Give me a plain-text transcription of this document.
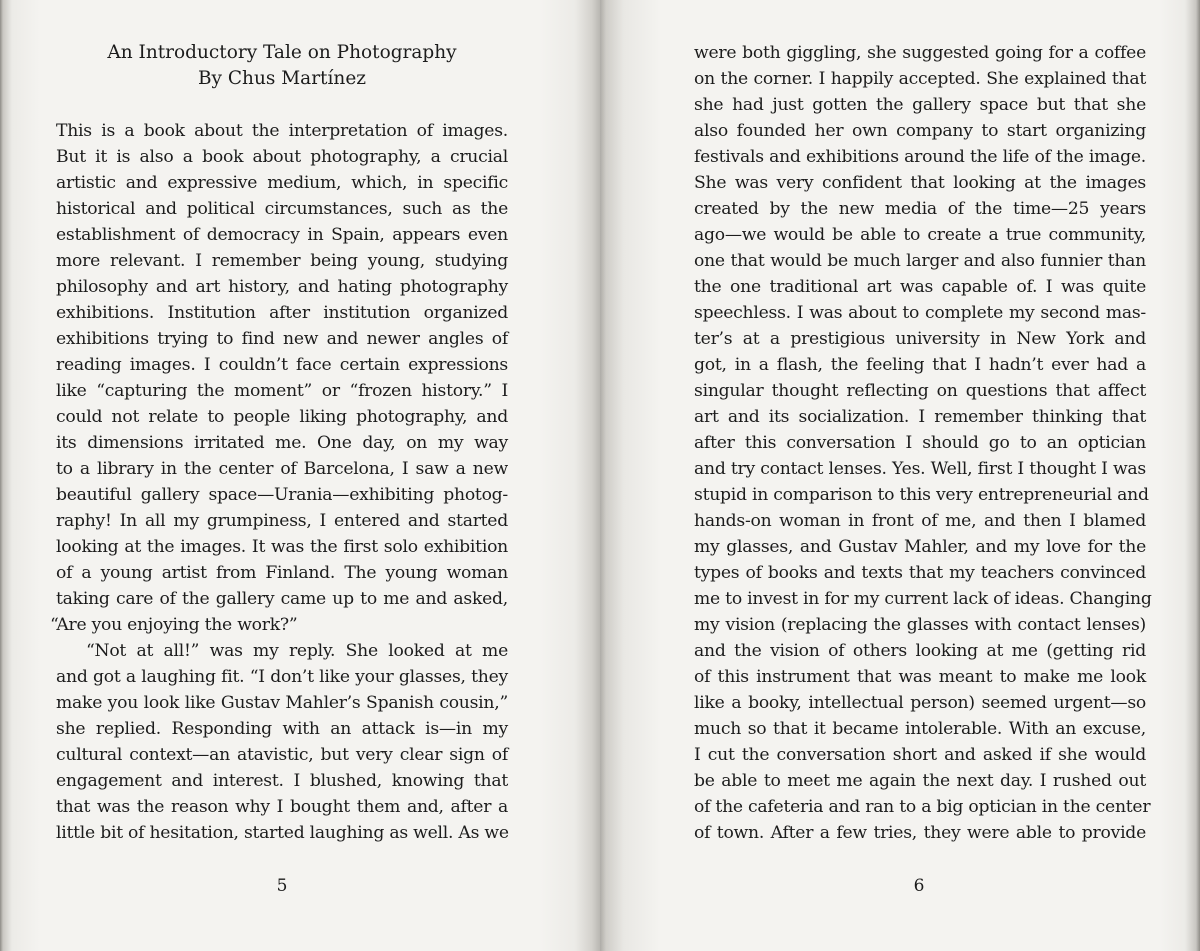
An Introductory Tale on Photography
By Chus Martínez
This is a book about the interpretation of images.
But it is also a book about photography, a crucial
artistic and expressive medium, which, in specific
historical and political circumstances, such as the
establishment of democracy in Spain, appears even
more relevant. I remember being young, studying
philosophy and art history, and hating photography
exhibitions. Institution after institution organized
exhibitions trying to find new and newer angles of
reading images. I couldn’t face certain expressions
like “capturing the moment” or “frozen history.” I
could not relate to people liking photography, and
its dimensions irritated me. One day, on my way
to a library in the center of Barcelona, I saw a new
beautiful gallery space—Urania—exhibiting photog-
raphy! In all my grumpiness, I entered and started
looking at the images. It was the first solo exhibition
of a young artist from Finland. The young woman
taking care of the gallery came up to me and asked,
“Are you enjoying the work?”
“Not at all!” was my reply. She looked at me
and got a laughing fit. “I don’t like your glasses, they
make you look like Gustav Mahler’s Spanish cousin,”
she replied. Responding with an attack is—in my
cultural context—an atavistic, but very clear sign of
engagement and interest. I blushed, knowing that
that was the reason why I bought them and, after a
little bit of hesitation, started laughing as well. As we
5
were both giggling, she suggested going for a coffee
on the corner. I happily accepted. She explained that
she had just gotten the gallery space but that she
also founded her own company to start organizing
festivals and exhibitions around the life of the image.
She was very confident that looking at the images
created by the new media of the time—25 years
ago—we would be able to create a true community,
one that would be much larger and also funnier than
the one traditional art was capable of. I was quite
speechless. I was about to complete my second mas-
ter’s at a prestigious university in New York and
got, in a flash, the feeling that I hadn’t ever had a
singular thought reflecting on questions that affect
art and its socialization. I remember thinking that
after this conversation I should go to an optician
and try contact lenses. Yes. Well, first I thought I was
stupid in comparison to this very entrepreneurial and
hands-on woman in front of me, and then I blamed
my glasses, and Gustav Mahler, and my love for the
types of books and texts that my teachers convinced
me to invest in for my current lack of ideas. Changing
my vision (replacing the glasses with contact lenses)
and the vision of others looking at me (getting rid
of this instrument that was meant to make me look
like a booky, intellectual person) seemed urgent—so
much so that it became intolerable. With an excuse,
I cut the conversation short and asked if she would
be able to meet me again the next day. I rushed out
of the cafeteria and ran to a big optician in the center
of town. After a few tries, they were able to provide
6
